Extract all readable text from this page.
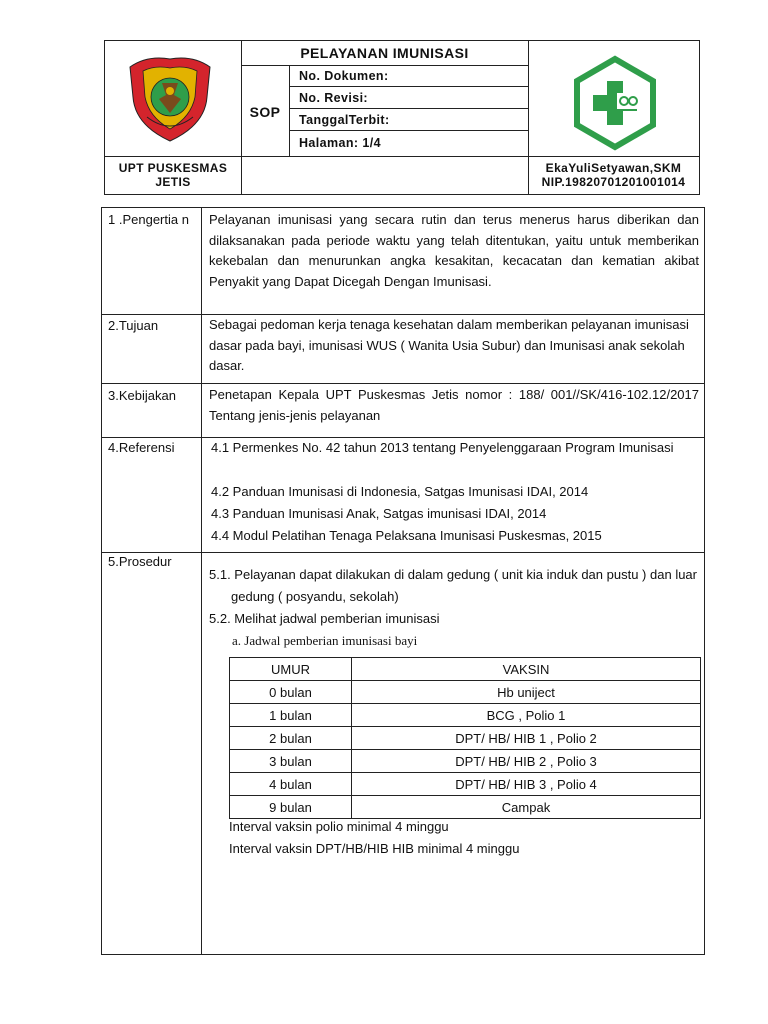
PELAYANAN IMUNISASI
SOP
No. Dokumen:
No. Revisi:
TanggalTerbit:
Halaman: 1/4
UPT PUSKESMAS
JETIS
EkaYuliSetyawan,SKM
NIP.19820701201001014
1 .Pengertia n	Pelayanan imunisasi yang secara rutin dan terus menerus harus diberikan dan dilaksanakan pada periode waktu yang telah ditentukan, yaitu untuk memberikan kekebalan dan menurunkan angka kesakitan, kecacatan dan kematian akibat Penyakit yang Dapat Dicegah Dengan Imunisasi.
2.Tujuan	Sebagai pedoman kerja tenaga kesehatan dalam memberikan pelayanan imunisasi dasar pada bayi, imunisasi WUS ( Wanita Usia Subur) dan Imunisasi anak sekolah dasar.
3.Kebijakan	Penetapan Kepala UPT Puskesmas Jetis nomor : 188/ 001//SK/416-102.12/2017 Tentang jenis-jenis pelayanan
4.Referensi	4.1 Permenkes No. 42 tahun 2013 tentang Penyelenggaraan Program Imunisasi
4.2 Panduan Imunisasi di Indonesia, Satgas Imunisasi IDAI, 2014
4.3 Panduan Imunisasi Anak, Satgas imunisasi IDAI, 2014
4.4 Modul Pelatihan Tenaga Pelaksana Imunisasi Puskesmas, 2015
5.Prosedur
5.1. Pelayanan dapat dilakukan di dalam gedung ( unit kia induk dan pustu ) dan luar gedung ( posyandu, sekolah)
5.2. Melihat jadwal pemberian imunisasi
a. Jadwal pemberian imunisasi bayi
UMUR	VAKSIN
0 bulan	Hb uniject
1 bulan	BCG , Polio 1
2 bulan	DPT/ HB/ HIB 1 , Polio 2
3 bulan	DPT/ HB/ HIB 2 , Polio 3
4 bulan	DPT/ HB/ HIB 3 , Polio 4
9 bulan	Campak
Interval vaksin polio minimal 4 minggu
Interval vaksin DPT/HB/HIB HIB minimal 4 minggu
